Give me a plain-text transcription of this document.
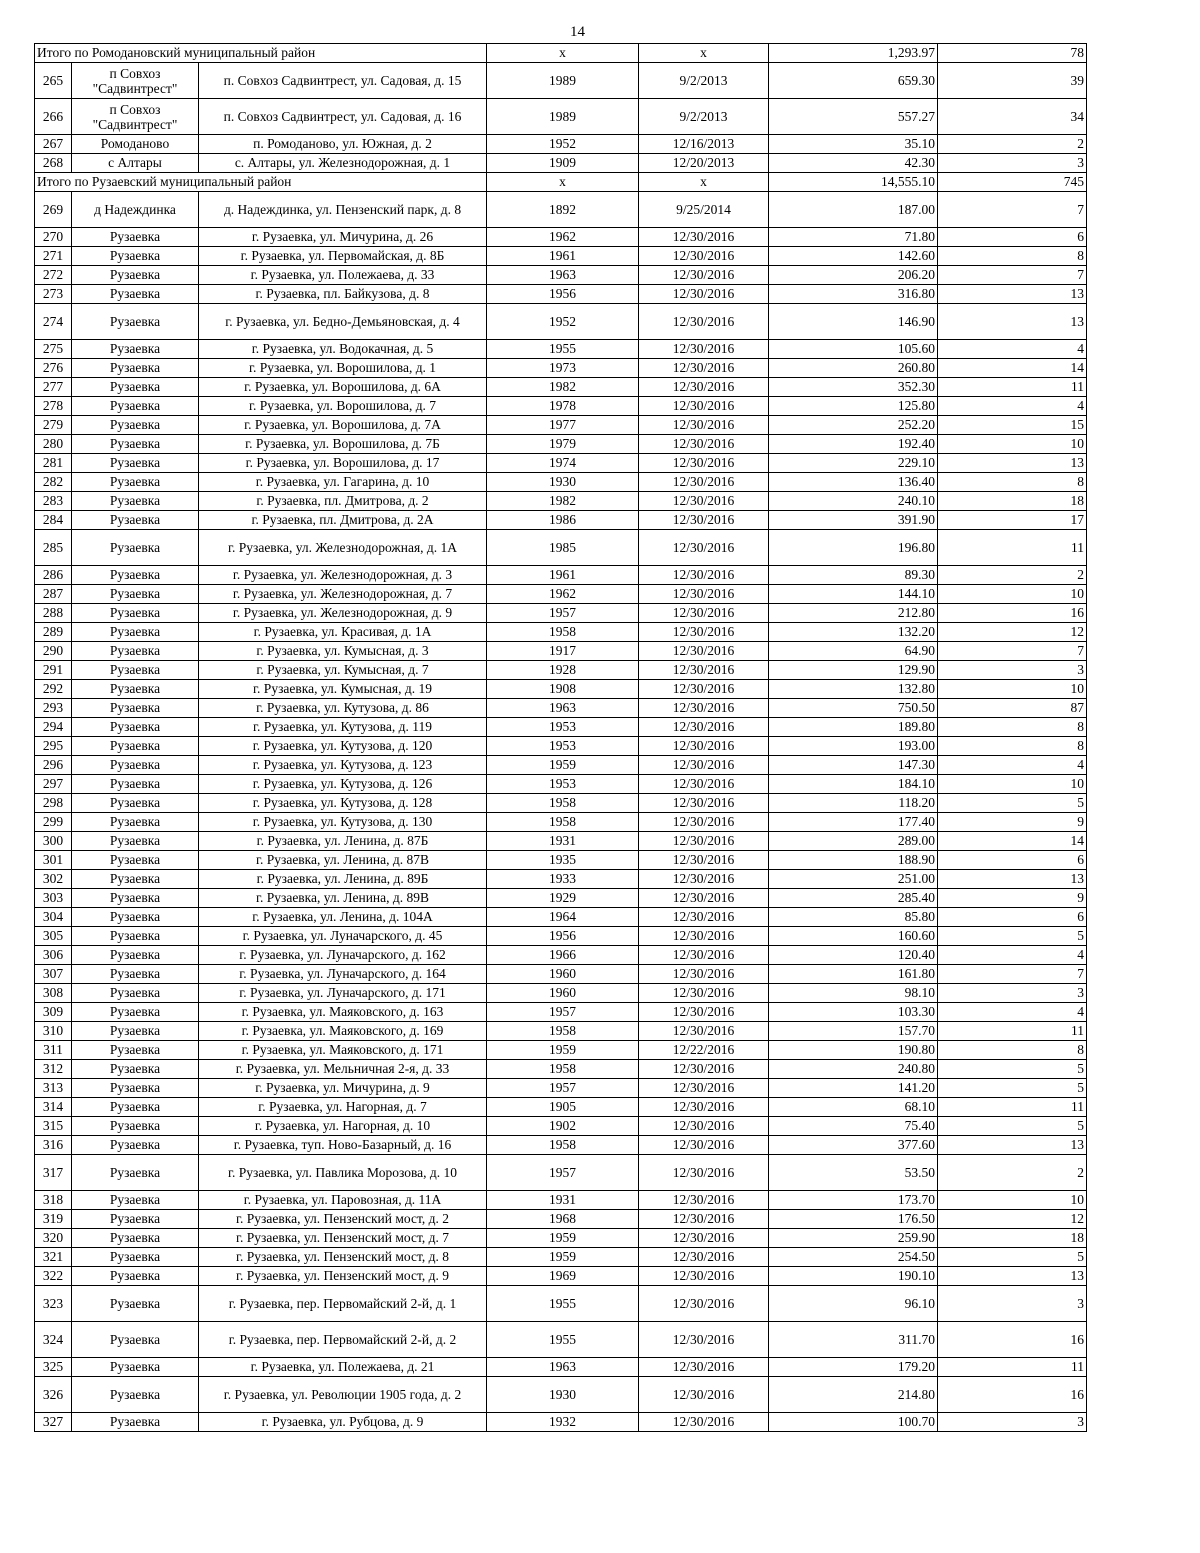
14
Итого по Ромодановский муниципальный район			х	х	1,293.97	78
265	п Совхоз "Садвинтрест"	п. Совхоз Садвинтрест, ул. Садовая, д. 15	1989	9/2/2013	659.30	39
266	п Совхоз "Садвинтрест"	п. Совхоз Садвинтрест, ул. Садовая, д. 16	1989	9/2/2013	557.27	34
267	Ромоданово	п. Ромоданово, ул. Южная, д. 2	1952	12/16/2013	35.10	2
268	с Алтары	с. Алтары, ул. Железнодорожная, д. 1	1909	12/20/2013	42.30	3
Итого по Рузаевский муниципальный район			х	х	14,555.10	745
269	д Надеждинка	д. Надеждинка, ул. Пензенский парк, д. 8	1892	9/25/2014	187.00	7
270	Рузаевка	г. Рузаевка, ул. Мичурина, д. 26	1962	12/30/2016	71.80	6
271	Рузаевка	г. Рузаевка, ул. Первомайская, д. 8Б	1961	12/30/2016	142.60	8
272	Рузаевка	г. Рузаевка, ул. Полежаева, д. 33	1963	12/30/2016	206.20	7
273	Рузаевка	г. Рузаевка, пл. Байкузова, д. 8	1956	12/30/2016	316.80	13
274	Рузаевка	г. Рузаевка, ул. Бедно-Демьяновская, д. 4	1952	12/30/2016	146.90	13
275	Рузаевка	г. Рузаевка, ул. Водокачная, д. 5	1955	12/30/2016	105.60	4
276	Рузаевка	г. Рузаевка, ул. Ворошилова, д. 1	1973	12/30/2016	260.80	14
277	Рузаевка	г. Рузаевка, ул. Ворошилова, д. 6А	1982	12/30/2016	352.30	11
278	Рузаевка	г. Рузаевка, ул. Ворошилова, д. 7	1978	12/30/2016	125.80	4
279	Рузаевка	г. Рузаевка, ул. Ворошилова, д. 7А	1977	12/30/2016	252.20	15
280	Рузаевка	г. Рузаевка, ул. Ворошилова, д. 7Б	1979	12/30/2016	192.40	10
281	Рузаевка	г. Рузаевка, ул. Ворошилова, д. 17	1974	12/30/2016	229.10	13
282	Рузаевка	г. Рузаевка, ул. Гагарина, д. 10	1930	12/30/2016	136.40	8
283	Рузаевка	г. Рузаевка, пл. Дмитрова, д. 2	1982	12/30/2016	240.10	18
284	Рузаевка	г. Рузаевка, пл. Дмитрова, д. 2А	1986	12/30/2016	391.90	17
285	Рузаевка	г. Рузаевка, ул. Железнодорожная, д. 1А	1985	12/30/2016	196.80	11
286	Рузаевка	г. Рузаевка, ул. Железнодорожная, д. 3	1961	12/30/2016	89.30	2
287	Рузаевка	г. Рузаевка, ул. Железнодорожная, д. 7	1962	12/30/2016	144.10	10
288	Рузаевка	г. Рузаевка, ул. Железнодорожная, д. 9	1957	12/30/2016	212.80	16
289	Рузаевка	г. Рузаевка, ул. Красивая, д. 1А	1958	12/30/2016	132.20	12
290	Рузаевка	г. Рузаевка, ул. Кумысная, д. 3	1917	12/30/2016	64.90	7
291	Рузаевка	г. Рузаевка, ул. Кумысная, д. 7	1928	12/30/2016	129.90	3
292	Рузаевка	г. Рузаевка, ул. Кумысная, д. 19	1908	12/30/2016	132.80	10
293	Рузаевка	г. Рузаевка, ул. Кутузова, д. 86	1963	12/30/2016	750.50	87
294	Рузаевка	г. Рузаевка, ул. Кутузова, д. 119	1953	12/30/2016	189.80	8
295	Рузаевка	г. Рузаевка, ул. Кутузова, д. 120	1953	12/30/2016	193.00	8
296	Рузаевка	г. Рузаевка, ул. Кутузова, д. 123	1959	12/30/2016	147.30	4
297	Рузаевка	г. Рузаевка, ул. Кутузова, д. 126	1953	12/30/2016	184.10	10
298	Рузаевка	г. Рузаевка, ул. Кутузова, д. 128	1958	12/30/2016	118.20	5
299	Рузаевка	г. Рузаевка, ул. Кутузова, д. 130	1958	12/30/2016	177.40	9
300	Рузаевка	г. Рузаевка, ул. Ленина, д. 87Б	1931	12/30/2016	289.00	14
301	Рузаевка	г. Рузаевка, ул. Ленина, д. 87В	1935	12/30/2016	188.90	6
302	Рузаевка	г. Рузаевка, ул. Ленина, д. 89Б	1933	12/30/2016	251.00	13
303	Рузаевка	г. Рузаевка, ул. Ленина, д. 89В	1929	12/30/2016	285.40	9
304	Рузаевка	г. Рузаевка, ул. Ленина, д. 104А	1964	12/30/2016	85.80	6
305	Рузаевка	г. Рузаевка, ул. Луначарского, д. 45	1956	12/30/2016	160.60	5
306	Рузаевка	г. Рузаевка, ул. Луначарского, д. 162	1966	12/30/2016	120.40	4
307	Рузаевка	г. Рузаевка, ул. Луначарского, д. 164	1960	12/30/2016	161.80	7
308	Рузаевка	г. Рузаевка, ул. Луначарского, д. 171	1960	12/30/2016	98.10	3
309	Рузаевка	г. Рузаевка, ул. Маяковского, д. 163	1957	12/30/2016	103.30	4
310	Рузаевка	г. Рузаевка, ул. Маяковского, д. 169	1958	12/30/2016	157.70	11
311	Рузаевка	г. Рузаевка, ул. Маяковского, д. 171	1959	12/22/2016	190.80	8
312	Рузаевка	г. Рузаевка, ул. Мельничная 2-я, д. 33	1958	12/30/2016	240.80	5
313	Рузаевка	г. Рузаевка, ул. Мичурина, д. 9	1957	12/30/2016	141.20	5
314	Рузаевка	г. Рузаевка, ул. Нагорная, д. 7	1905	12/30/2016	68.10	11
315	Рузаевка	г. Рузаевка, ул. Нагорная, д. 10	1902	12/30/2016	75.40	5
316	Рузаевка	г. Рузаевка, туп. Ново-Базарный, д. 16	1958	12/30/2016	377.60	13
317	Рузаевка	г. Рузаевка, ул. Павлика Морозова, д. 10	1957	12/30/2016	53.50	2
318	Рузаевка	г. Рузаевка, ул. Паровозная, д. 11А	1931	12/30/2016	173.70	10
319	Рузаевка	г. Рузаевка, ул. Пензенский мост, д. 2	1968	12/30/2016	176.50	12
320	Рузаевка	г. Рузаевка, ул. Пензенский мост, д. 7	1959	12/30/2016	259.90	18
321	Рузаевка	г. Рузаевка, ул. Пензенский мост, д. 8	1959	12/30/2016	254.50	5
322	Рузаевка	г. Рузаевка, ул. Пензенский мост, д. 9	1969	12/30/2016	190.10	13
323	Рузаевка	г. Рузаевка, пер. Первомайский 2-й, д. 1	1955	12/30/2016	96.10	3
324	Рузаевка	г. Рузаевка, пер. Первомайский 2-й, д. 2	1955	12/30/2016	311.70	16
325	Рузаевка	г. Рузаевка, ул. Полежаева, д. 21	1963	12/30/2016	179.20	11
326	Рузаевка	г. Рузаевка, ул. Революции 1905 года, д. 2	1930	12/30/2016	214.80	16
327	Рузаевка	г. Рузаевка, ул. Рубцова, д. 9	1932	12/30/2016	100.70	3
